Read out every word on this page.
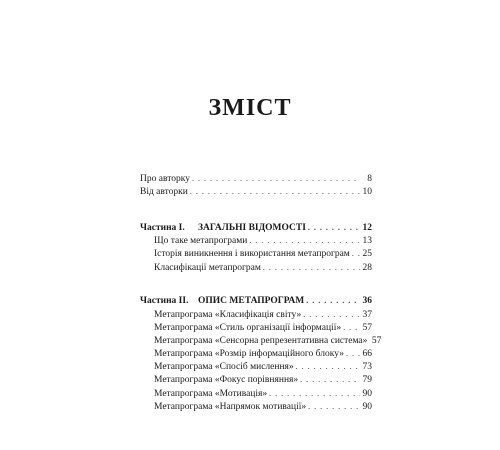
ЗМІСТ
Про авторку . . .	8
Від авторки . . .	10
Частина I. ЗАГАЛЬНІ ВІДОМОСТІ . . .	12
Що таке метапрограми . . .	13
Історія виникнення і використання метапрограм . . . 25
Класифікації метапрограм . . .	28
Частина II. ОПИС МЕТАПРОГРАМ . . .	36
Метапрограма «Класифікація світу» . . .	37
Метапрограма «Стиль організації інформації» . . . 57
Метапрограма «Сенсорна репрезентативна система» 57
Метапрограма «Розмір інформаційного блоку» . . . 66
Метапрограма «Спосіб мислення» . . .	73
Метапрограма «Фокус порівняння» . . .	79
Метапрограма «Мотивація» . . .	90
Метапрограма «Напрямок мотивації» . . .	90
